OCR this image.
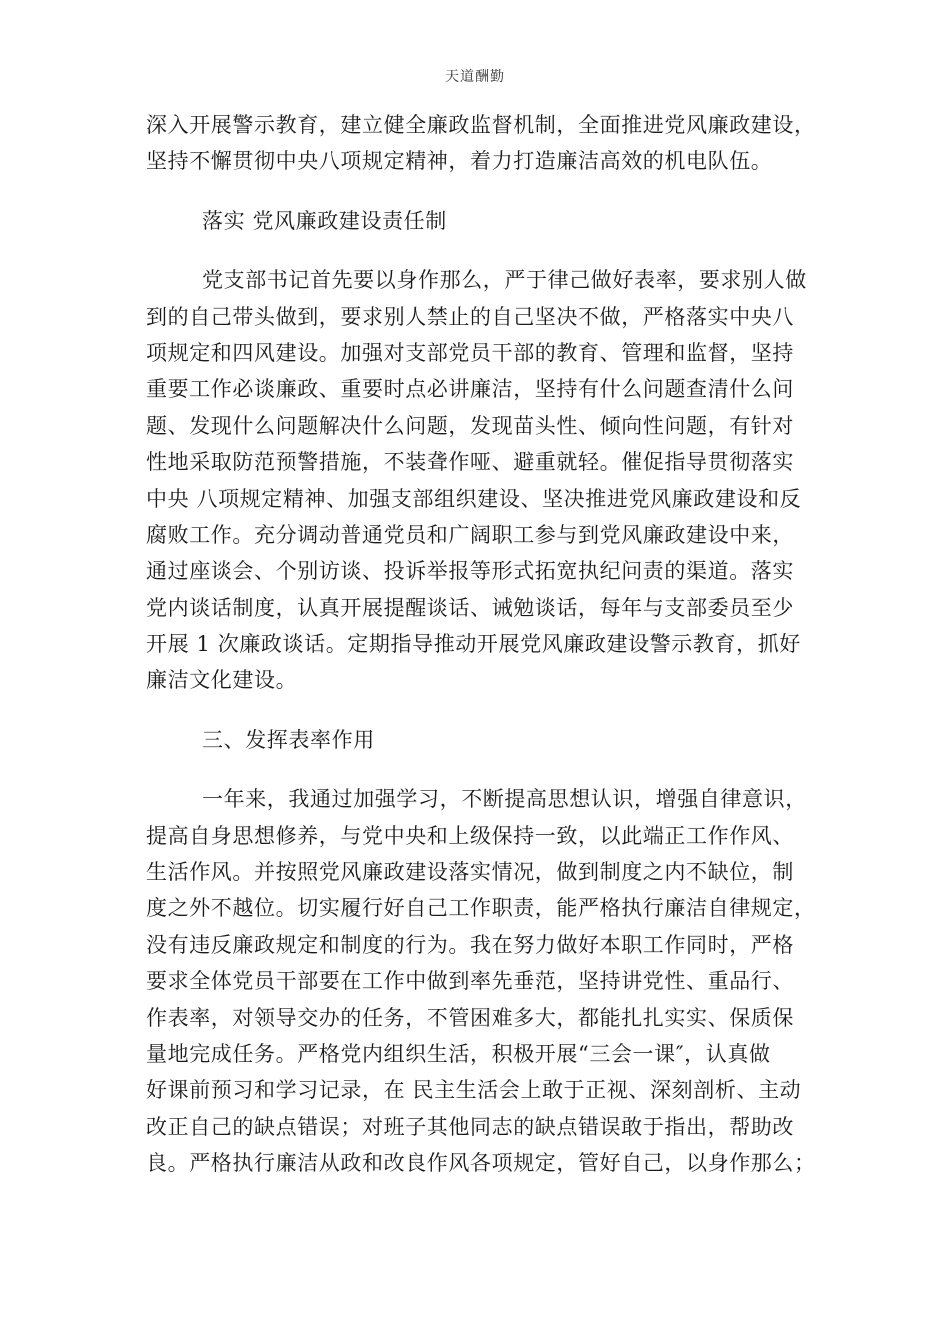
天道酬勤
深入开展警示教育，建立健全廉政监督机制，全面推进党风廉政建设，
坚持不懈贯彻中央八项规定精神，着力打造廉洁高效的机电队伍。
落实 党风廉政建设责任制
党支部书记首先要以身作那么，严于律己做好表率，要求别人做
到的自己带头做到，要求别人禁止的自己坚决不做，严格落实中央八
项规定和四风建设。加强对支部党员干部的教育、管理和监督，坚持
重要工作必谈廉政、重要时点必讲廉洁，坚持有什么问题查清什么问
题、发现什么问题解决什么问题，发现苗头性、倾向性问题，有针对
性地采取防范预警措施，不装聋作哑、避重就轻。催促指导贯彻落实
中央 八项规定精神、加强支部组织建设、坚决推进党风廉政建设和反
腐败工作。充分调动普通党员和广阔职工参与到党风廉政建设中来，
通过座谈会、个别访谈、投诉举报等形式拓宽执纪问责的渠道。落实
党内谈话制度，认真开展提醒谈话、诫勉谈话，每年与支部委员至少
开展 1 次廉政谈话。定期指导推动开展党风廉政建设警示教育，抓好
廉洁文化建设。
三、发挥表率作用
一年来，我通过加强学习，不断提高思想认识，增强自律意识，
提高自身思想修养，与党中央和上级保持一致，以此端正工作作风、
生活作风。并按照党风廉政建设落实情况，做到制度之内不缺位，制
度之外不越位。切实履行好自己工作职责，能严格执行廉洁自律规定，
没有违反廉政规定和制度的行为。我在努力做好本职工作同时，严格
要求全体党员干部要在工作中做到率先垂范，坚持讲党性、重品行、
作表率，对领导交办的任务，不管困难多大，都能扎扎实实、保质保
量地完成任务。严格党内组织生活，积极开展“三会一课″，认真做
好课前预习和学习记录，在 民主生活会上敢于正视、深刻剖析、主动
改正自己的缺点错误；对班子其他同志的缺点错误敢于指出，帮助改
良。严格执行廉洁从政和改良作风各项规定，管好自己，以身作那么；
